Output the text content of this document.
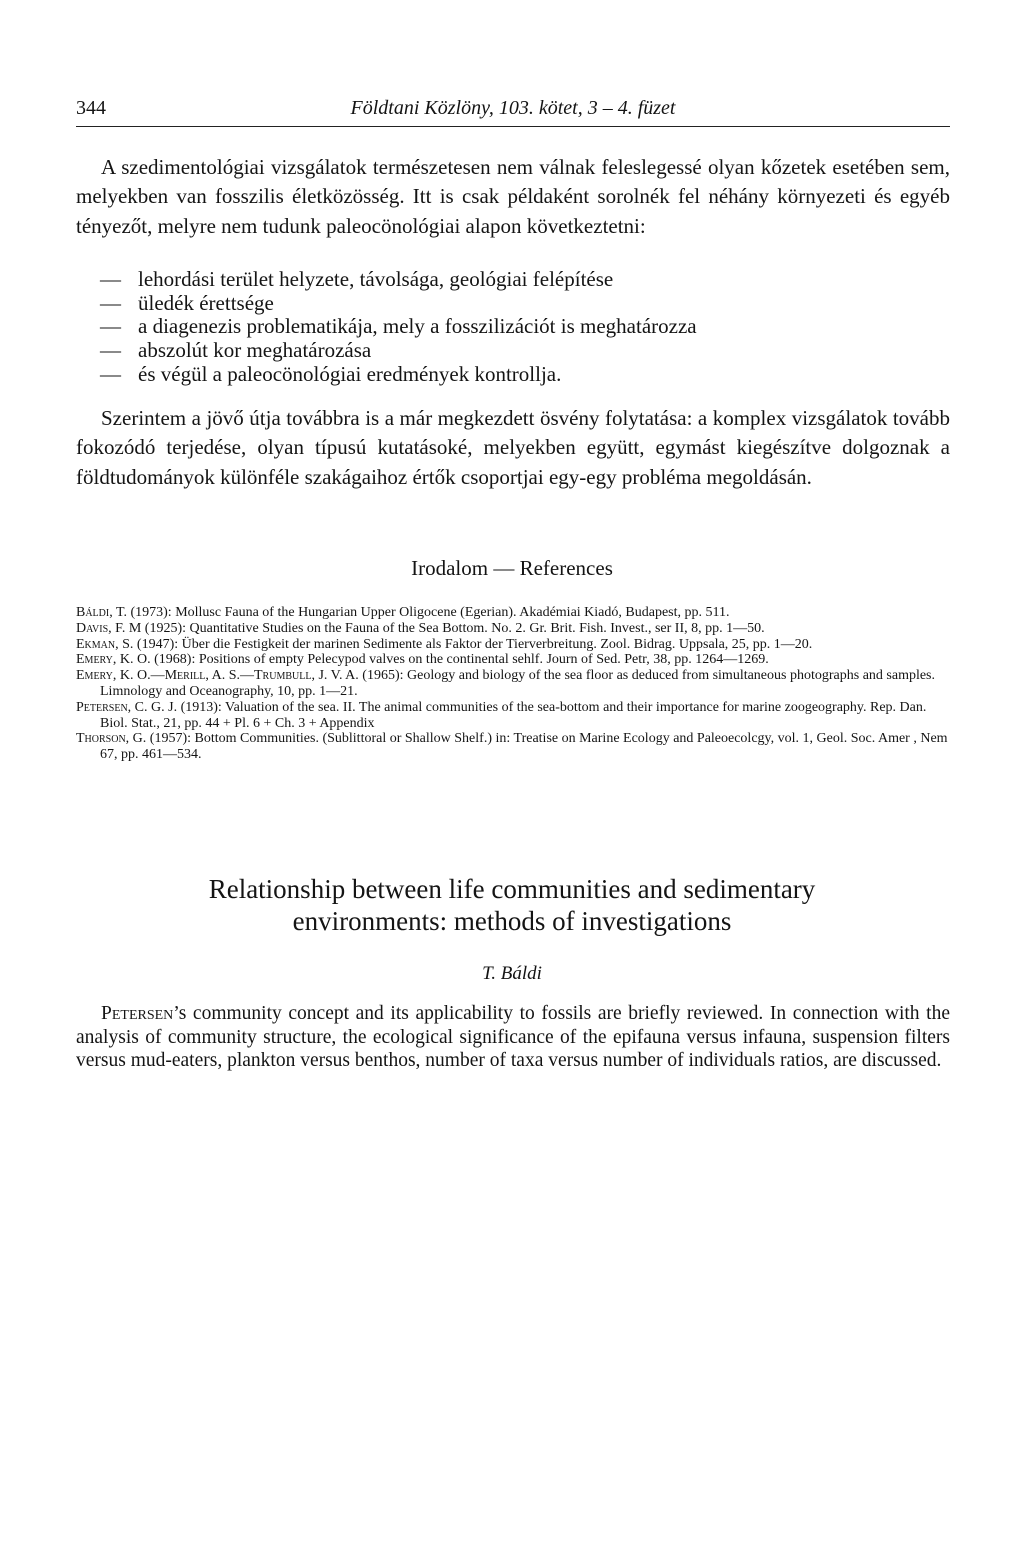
344	Földtani Közlöny, 103. kötet, 3 – 4. füzet

A szedimentológiai vizsgálatok természetesen nem válnak feleslegessé olyan kőzetek esetében sem, melyekben van fosszilis életközösség. Itt is csak példaként sorolnék fel néhány környezeti és egyéb tényezőt, melyre nem tudunk paleocönológiai alapon következtetni:

— lehordási terület helyzete, távolsága, geológiai felépítése
— üledék érettsége
— a diagenezis problematikája, mely a fosszilizációt is meghatározza
— abszolút kor meghatározása
— és végül a paleocönológiai eredmények kontrollja.

Szerintem a jövő útja továbbra is a már megkezdett ösvény folytatása: a komplex vizsgálatok tovább fokozódó terjedése, olyan típusú kutatásoké, melyekben együtt, egymást kiegészítve dolgoznak a földtudományok különféle szakágaihoz értők csoportjai egy-egy probléma megoldásán.

Irodalom — References
Báldi, T. (1973): Mollusc Fauna of the Hungarian Upper Oligocene (Egerian). Akadémiai Kiadó, Budapest, pp. 511.
Davis, F. M (1925): Quantitative Studies on the Fauna of the Sea Bottom. No. 2. Gr. Brit. Fish. Invest., ser II, 8, pp. 1—50.
Ekman, S. (1947): Über die Festigkeit der marinen Sedimente als Faktor der Tierverbreitung. Zool. Bidrag. Uppsala, 25, pp. 1—20.
Emery, K. O. (1968): Positions of empty Pelecypod valves on the continental sehlf. Journ of Sed. Petr, 38, pp. 1264—1269.
Emery, K. O.—Merill, A. S.—Trumbull, J. V. A. (1965): Geology and biology of the sea floor as deduced from simultaneous photographs and samples. Limnology and Oceanography, 10, pp. 1—21.
Petersen, C. G. J. (1913): Valuation of the sea. II. The animal communities of the sea-bottom and their importance for marine zoogeography. Rep. Dan. Biol. Stat., 21, pp. 44 + Pl. 6 + Ch. 3 + Appendix
Thorson, G. (1957): Bottom Communities. (Sublittoral or Shallow Shelf.) in: Treatise on Marine Ecology and Paleoecolcgy, vol. 1, Geol. Soc. Amer , Nem 67, pp. 461—534.
Relationship between life communities and sedimentary
environments: methods of investigations
T. Báldi

Petersen’s community concept and its applicability to fossils are briefly reviewed. In connection with the analysis of community structure, the ecological significance of the epifauna versus infauna, suspension filters versus mud-eaters, plankton versus benthos, number of taxa versus number of individuals ratios, are discussed.
